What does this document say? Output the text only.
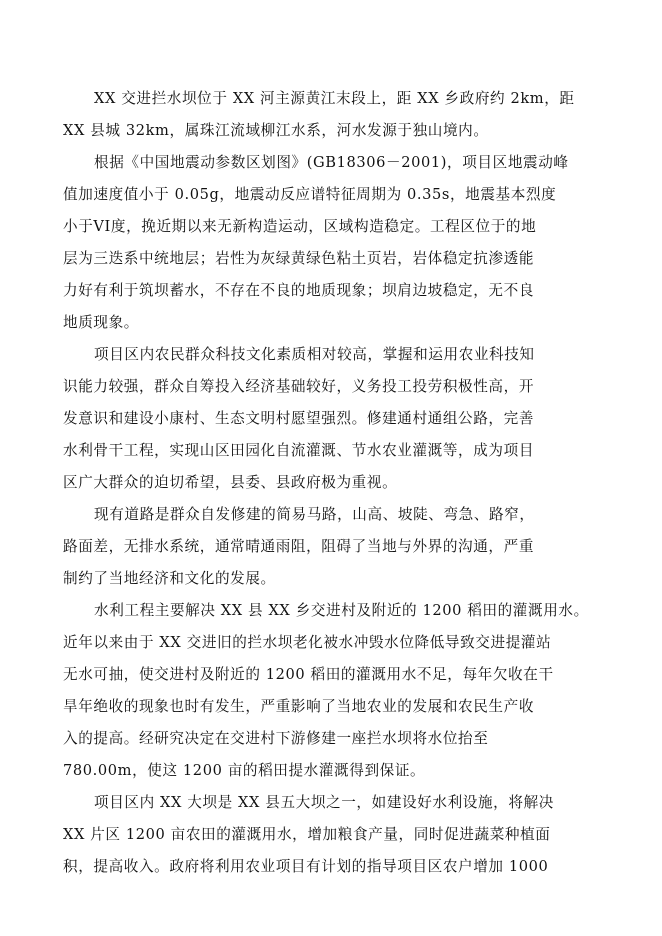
XX 交进拦水坝位于 XX 河主源黄江末段上，距 XX 乡政府约 2km，距
XX 县城 32km，属珠江流域柳江水系，河水发源于独山境内。
根据《中国地震动参数区划图》(GB18306－2001)，项目区地震动峰
值加速度值小于 0.05g，地震动反应谱特征周期为 0.35s，地震基本烈度
小于VI度，挽近期以来无新构造运动，区域构造稳定。工程区位于的地
层为三迭系中统地层；岩性为灰绿黄绿色粘土页岩，岩体稳定抗渗透能
力好有利于筑坝蓄水，不存在不良的地质现象；坝肩边坡稳定，无不良
地质现象。
项目区内农民群众科技文化素质相对较高，掌握和运用农业科技知
识能力较强，群众自筹投入经济基础较好，义务投工投劳积极性高，开
发意识和建设小康村、生态文明村愿望强烈。修建通村通组公路，完善
水利骨干工程，实现山区田园化自流灌溉、节水农业灌溉等，成为项目
区广大群众的迫切希望，县委、县政府极为重视。
现有道路是群众自发修建的简易马路，山高、坡陡、弯急、路窄，
路面差，无排水系统，通常晴通雨阻，阻碍了当地与外界的沟通，严重
制约了当地经济和文化的发展。
水利工程主要解决 XX 县 XX 乡交进村及附近的 1200 稻田的灌溉用水。
近年以来由于 XX 交进旧的拦水坝老化被水冲毁水位降低导致交进提灌站
无水可抽，使交进村及附近的 1200 稻田的灌溉用水不足，每年欠收在干
旱年绝收的现象也时有发生，严重影响了当地农业的发展和农民生产收
入的提高。经研究决定在交进村下游修建一座拦水坝将水位抬至
780.00m，使这 1200 亩的稻田提水灌溉得到保证。
项目区内 XX 大坝是 XX 县五大坝之一，如建设好水利设施，将解决
XX 片区 1200 亩农田的灌溉用水，增加粮食产量，同时促进蔬菜种植面
积，提高收入。政府将利用农业项目有计划的指导项目区农户增加 1000
